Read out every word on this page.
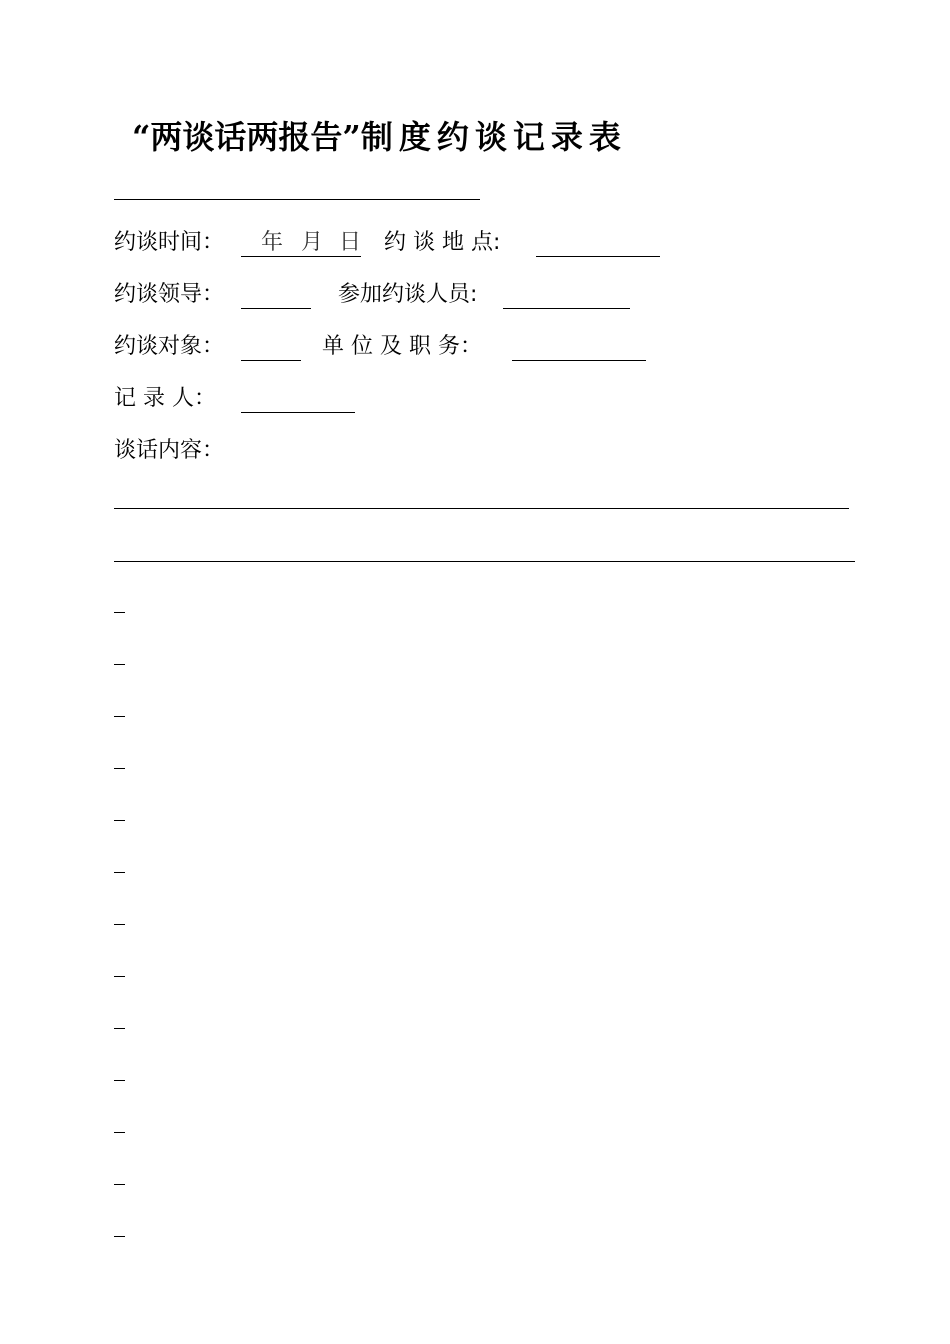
“两谈话两报告”制度约谈记录表
约谈时间： 年 月 日 约 谈 地 点:
约谈领导：	参加约谈人员:
约谈对象：	单 位 及 职 务：
记 录 人：
谈话内容：
